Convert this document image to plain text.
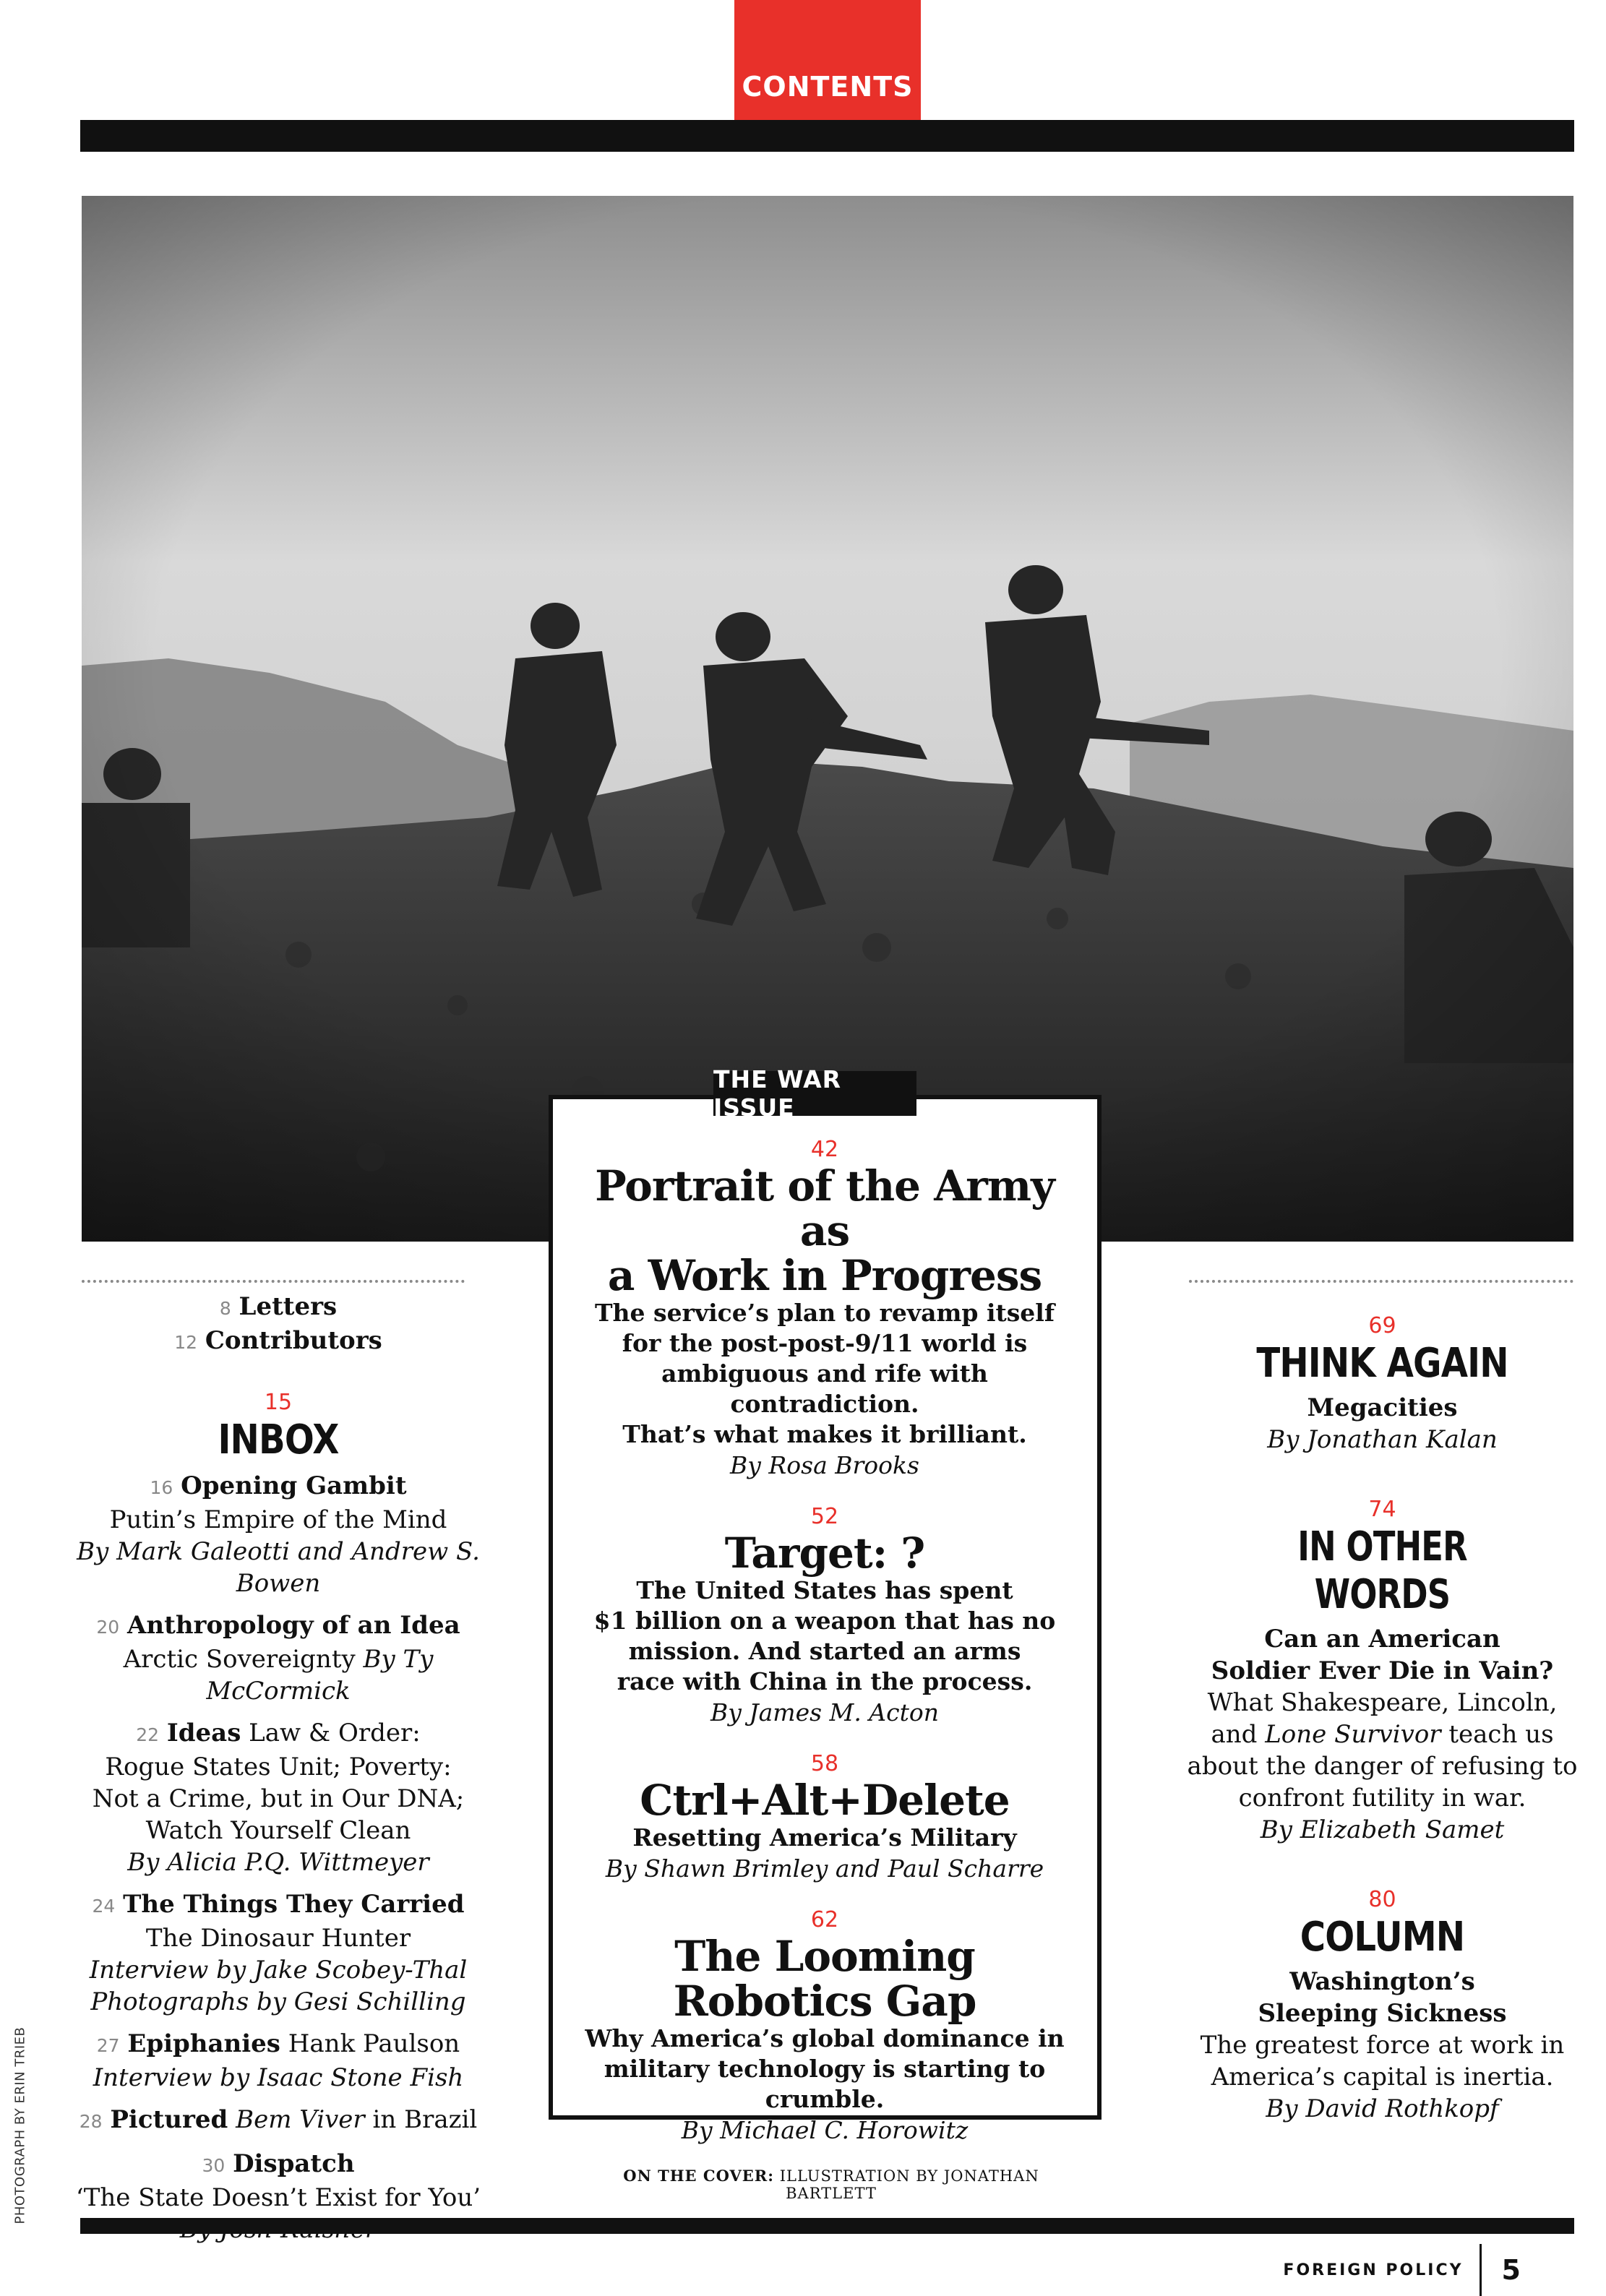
CONTENTS
8 Letters
12 Contributors
15
INBOX
16 Opening Gambit
Putin’s Empire of the Mind
By Mark Galeotti and Andrew S. Bowen
20 Anthropology of an Idea
Arctic Sovereignty By Ty McCormick
22 Ideas Law & Order:
Rogue States Unit; Poverty:
Not a Crime, but in Our DNA;
Watch Yourself Clean
By Alicia P.Q. Wittmeyer
24 The Things They Carried
The Dinosaur Hunter
Interview by Jake Scobey-Thal
Photographs by Gesi Schilling
27 Epiphanies Hank Paulson
Interview by Isaac Stone Fish
28 Pictured Bem Viver in Brazil
30 Dispatch
‘The State Doesn’t Exist for You’
THE WAR ISSUE
42
Portrait of the Army as
a Work in Progress
The service’s plan to revamp itself
for the post-post-9/11 world is
ambiguous and rife with contradiction.
That’s what makes it brilliant.
By Rosa Brooks
52
Target: ?
The United States has spent
$1 billion on a weapon that has no
mission. And started an arms
race with China in the process.
By James M. Acton
58
Ctrl+Alt+Delete
Resetting America’s Military
By Shawn Brimley and Paul Scharre
62
The Looming
Robotics Gap
Why America’s global dominance in
military technology is starting to crumble.
By Michael C. Horowitz
69
THINK AGAIN
Megacities
By Jonathan Kalan
74
IN OTHER WORDS
Can an American
Soldier Ever Die in Vain?
What Shakespeare, Lincoln,
and Lone Survivor teach us
about the danger of refusing to
confront futility in war.
By Elizabeth Samet
80
COLUMN
Washington’s
Sleeping Sickness
The greatest force at work in
America’s capital is inertia.
By David Rothkopf
ON THE COVER: ILLUSTRATION BY JONATHAN BARTLETT
PHOTOGRAPH BY ERIN TRIEB
FOREIGN POLICY	5
